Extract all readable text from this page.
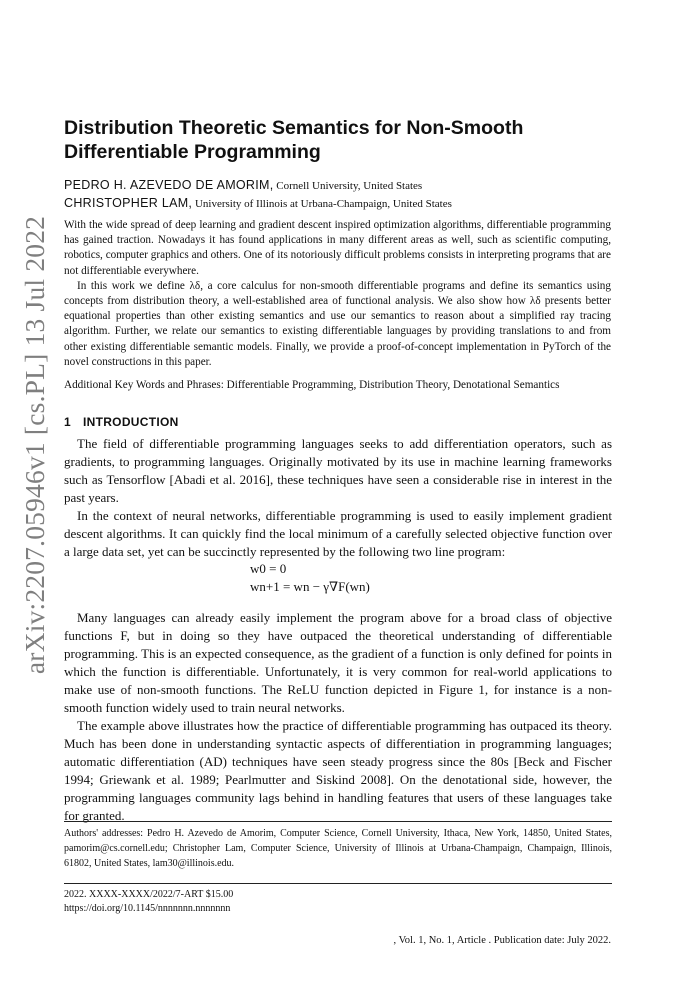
arXiv:2207.05946v1 [cs.PL] 13 Jul 2022
Distribution Theoretic Semantics for Non-Smooth Differentiable Programming
PEDRO H. AZEVEDO DE AMORIM, Cornell University, United States
CHRISTOPHER LAM, University of Illinois at Urbana-Champaign, United States

With the wide spread of deep learning and gradient descent inspired optimization algorithms, differentiable programming has gained traction. Nowadays it has found applications in many different areas as well, such as scientific computing, robotics, computer graphics and others. One of its notoriously difficult problems consists in interpreting programs that are not differentiable everywhere.

In this work we define λδ, a core calculus for non-smooth differentiable programs and define its semantics using concepts from distribution theory, a well-established area of functional analysis. We also show how λδ presents better equational properties than other existing semantics and use our semantics to reason about a simplified ray tracing algorithm. Further, we relate our semantics to existing differentiable languages by providing translations to and from other existing differentiable semantic models. Finally, we provide a proof-of-concept implementation in PyTorch of the novel constructions in this paper.

Additional Key Words and Phrases: Differentiable Programming, Distribution Theory, Denotational Semantics
1 INTRODUCTION

The field of differentiable programming languages seeks to add differentiation operators, such as gradients, to programming languages. Originally motivated by its use in machine learning frameworks such as Tensorflow [Abadi et al. 2016], these techniques have seen a considerable rise in interest in the past years.

In the context of neural networks, differentiable programming is used to easily implement gradient descent algorithms. It can quickly find the local minimum of a carefully selected objective function over a large data set, yet can be succinctly represented by the following two line program:

w0 = 0
wn+1 = wn − γ∇F(wn)

Many languages can already easily implement the program above for a broad class of objective functions F, but in doing so they have outpaced the theoretical understanding of differentiable programming. This is an expected consequence, as the gradient of a function is only defined for points in which the function is differentiable. Unfortunately, it is very common for real-world applications to make use of non-smooth functions. The ReLU function depicted in Figure 1, for instance is a non-smooth function widely used to train neural networks.

The example above illustrates how the practice of differentiable programming has outpaced its theory. Much has been done in understanding syntactic aspects of differentiation in programming languages; automatic differentiation (AD) techniques have seen steady progress since the 80s [Beck and Fischer 1994; Griewank et al. 1989; Pearlmutter and Siskind 2008]. On the denotational side, however, the programming languages community lags behind in handling features that users of these languages take for granted.

Authors' addresses: Pedro H. Azevedo de Amorim, Computer Science, Cornell University, Ithaca, New York, 14850, United States, pamorim@cs.cornell.edu; Christopher Lam, Computer Science, University of Illinois at Urbana-Champaign, Champaign, Illinois, 61802, United States, lam30@illinois.edu.
2022. XXXX-XXXX/2022/7-ART $15.00
https://doi.org/10.1145/nnnnnnn.nnnnnnn
, Vol. 1, No. 1, Article . Publication date: July 2022.
